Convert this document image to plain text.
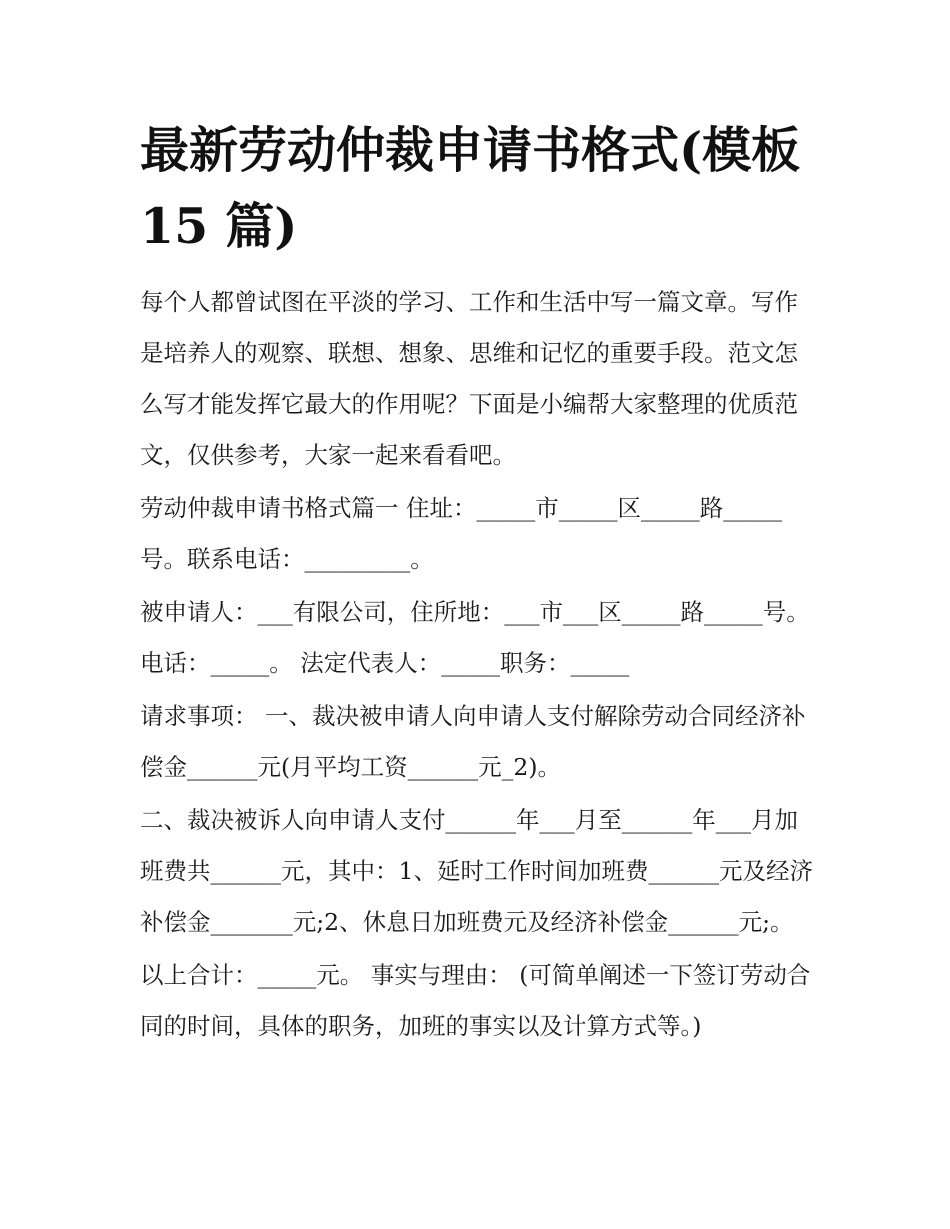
最新劳动仲裁申请书格式(模板 15 篇)

每个人都曾试图在平淡的学习、工作和生活中写一篇文章。写作是培养人的观察、联想、想象、思维和记忆的重要手段。范文怎么写才能发挥它最大的作用呢？下面是小编帮大家整理的优质范文，仅供参考，大家一起来看看吧。

劳动仲裁申请书格式篇一 住址：_____市_____区_____路_____号。联系电话：_________。

被申请人：___有限公司，住所地：___市___区_____路_____号。电话：_____。 法定代表人：_____职务：_____

请求事项： 一、裁决被申请人向申请人支付解除劳动合同经济补偿金______元(月平均工资______元_2)。

二、裁决被诉人向申请人支付______年___月至______年___月加班费共______元，其中：1、延时工作时间加班费______元及经济补偿金_______元;2、休息日加班费元及经济补偿金______元;。

以上合计：_____元。 事实与理由： (可简单阐述一下签订劳动合同的时间，具体的职务，加班的事实以及计算方式等。)
